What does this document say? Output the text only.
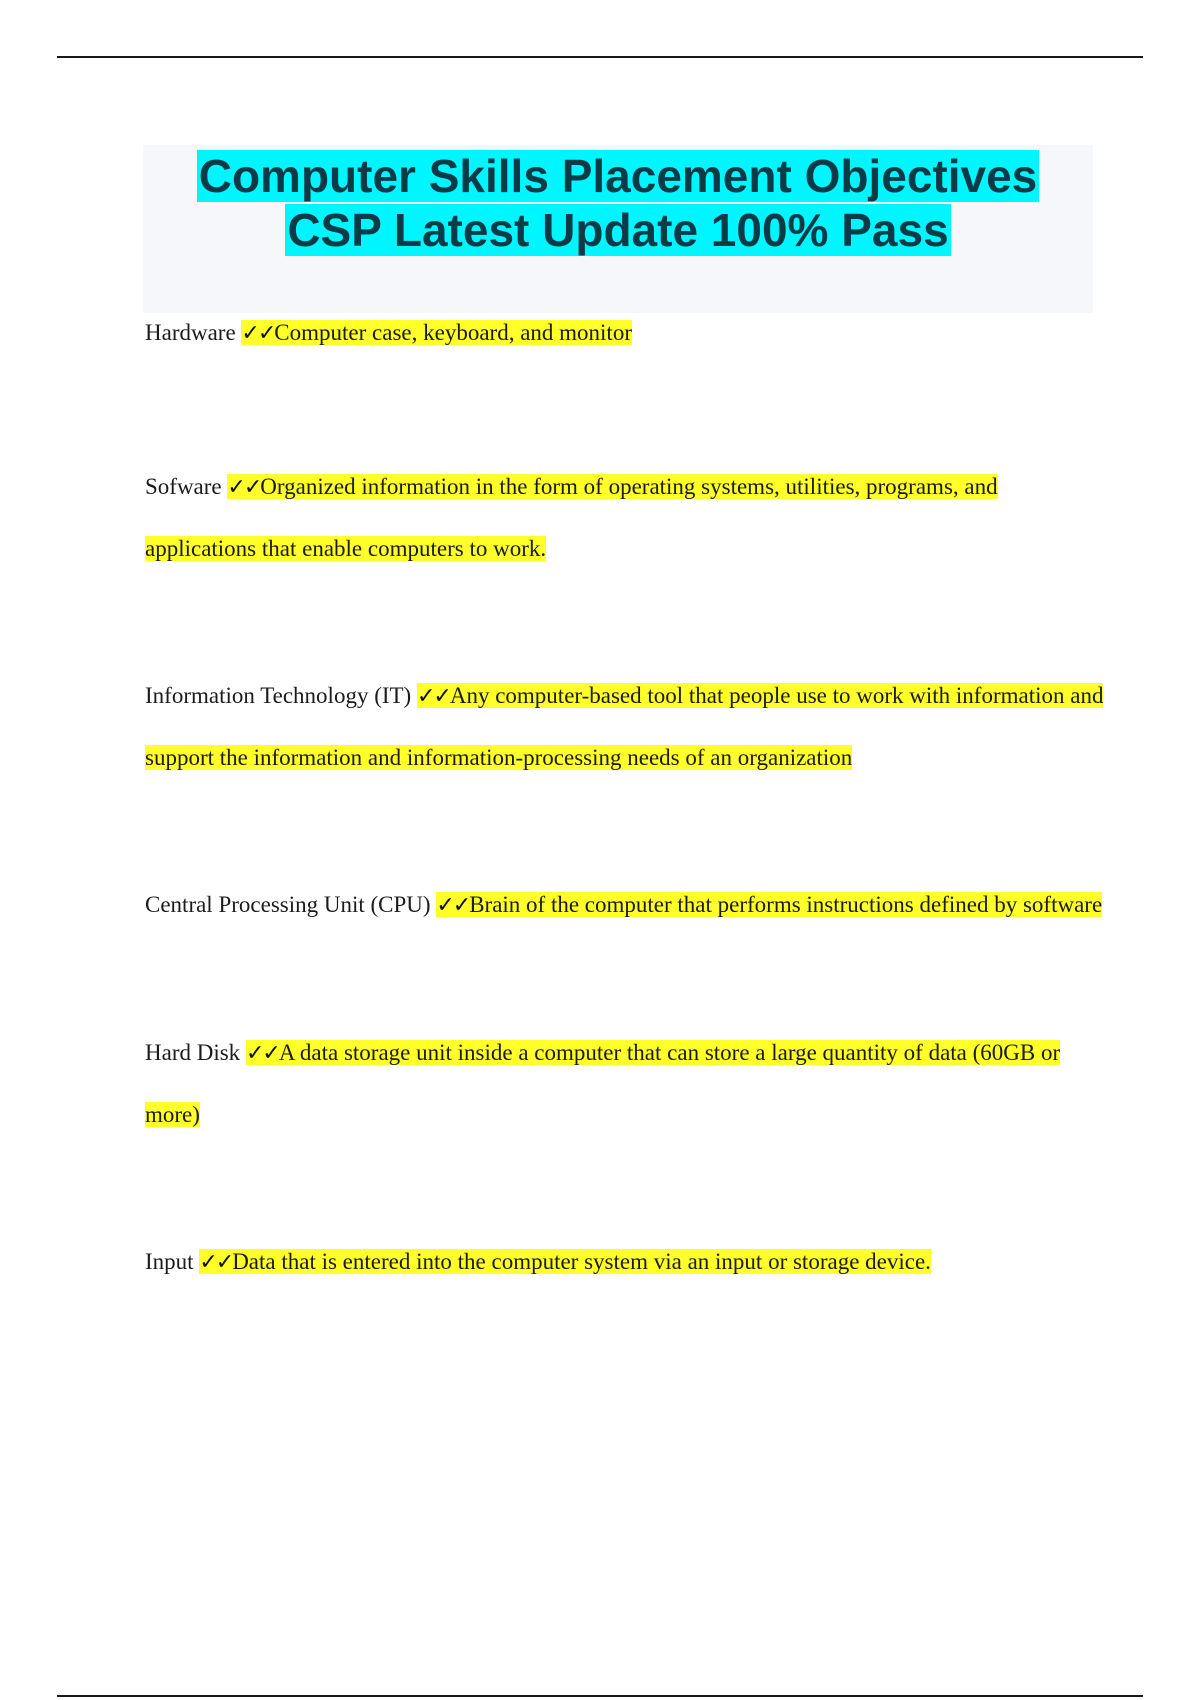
Computer Skills Placement Objectives
CSP Latest Update 100% Pass

Hardware ✓✓Computer case, keyboard, and monitor

Sofware ✓✓Organized information in the form of operating systems, utilities, programs, and applications that enable computers to work.

Information Technology (IT) ✓✓Any computer-based tool that people use to work with information and support the information and information-processing needs of an organization

Central Processing Unit (CPU) ✓✓Brain of the computer that performs instructions defined by software

Hard Disk ✓✓A data storage unit inside a computer that can store a large quantity of data (60GB or more)

Input ✓✓Data that is entered into the computer system via an input or storage device.
